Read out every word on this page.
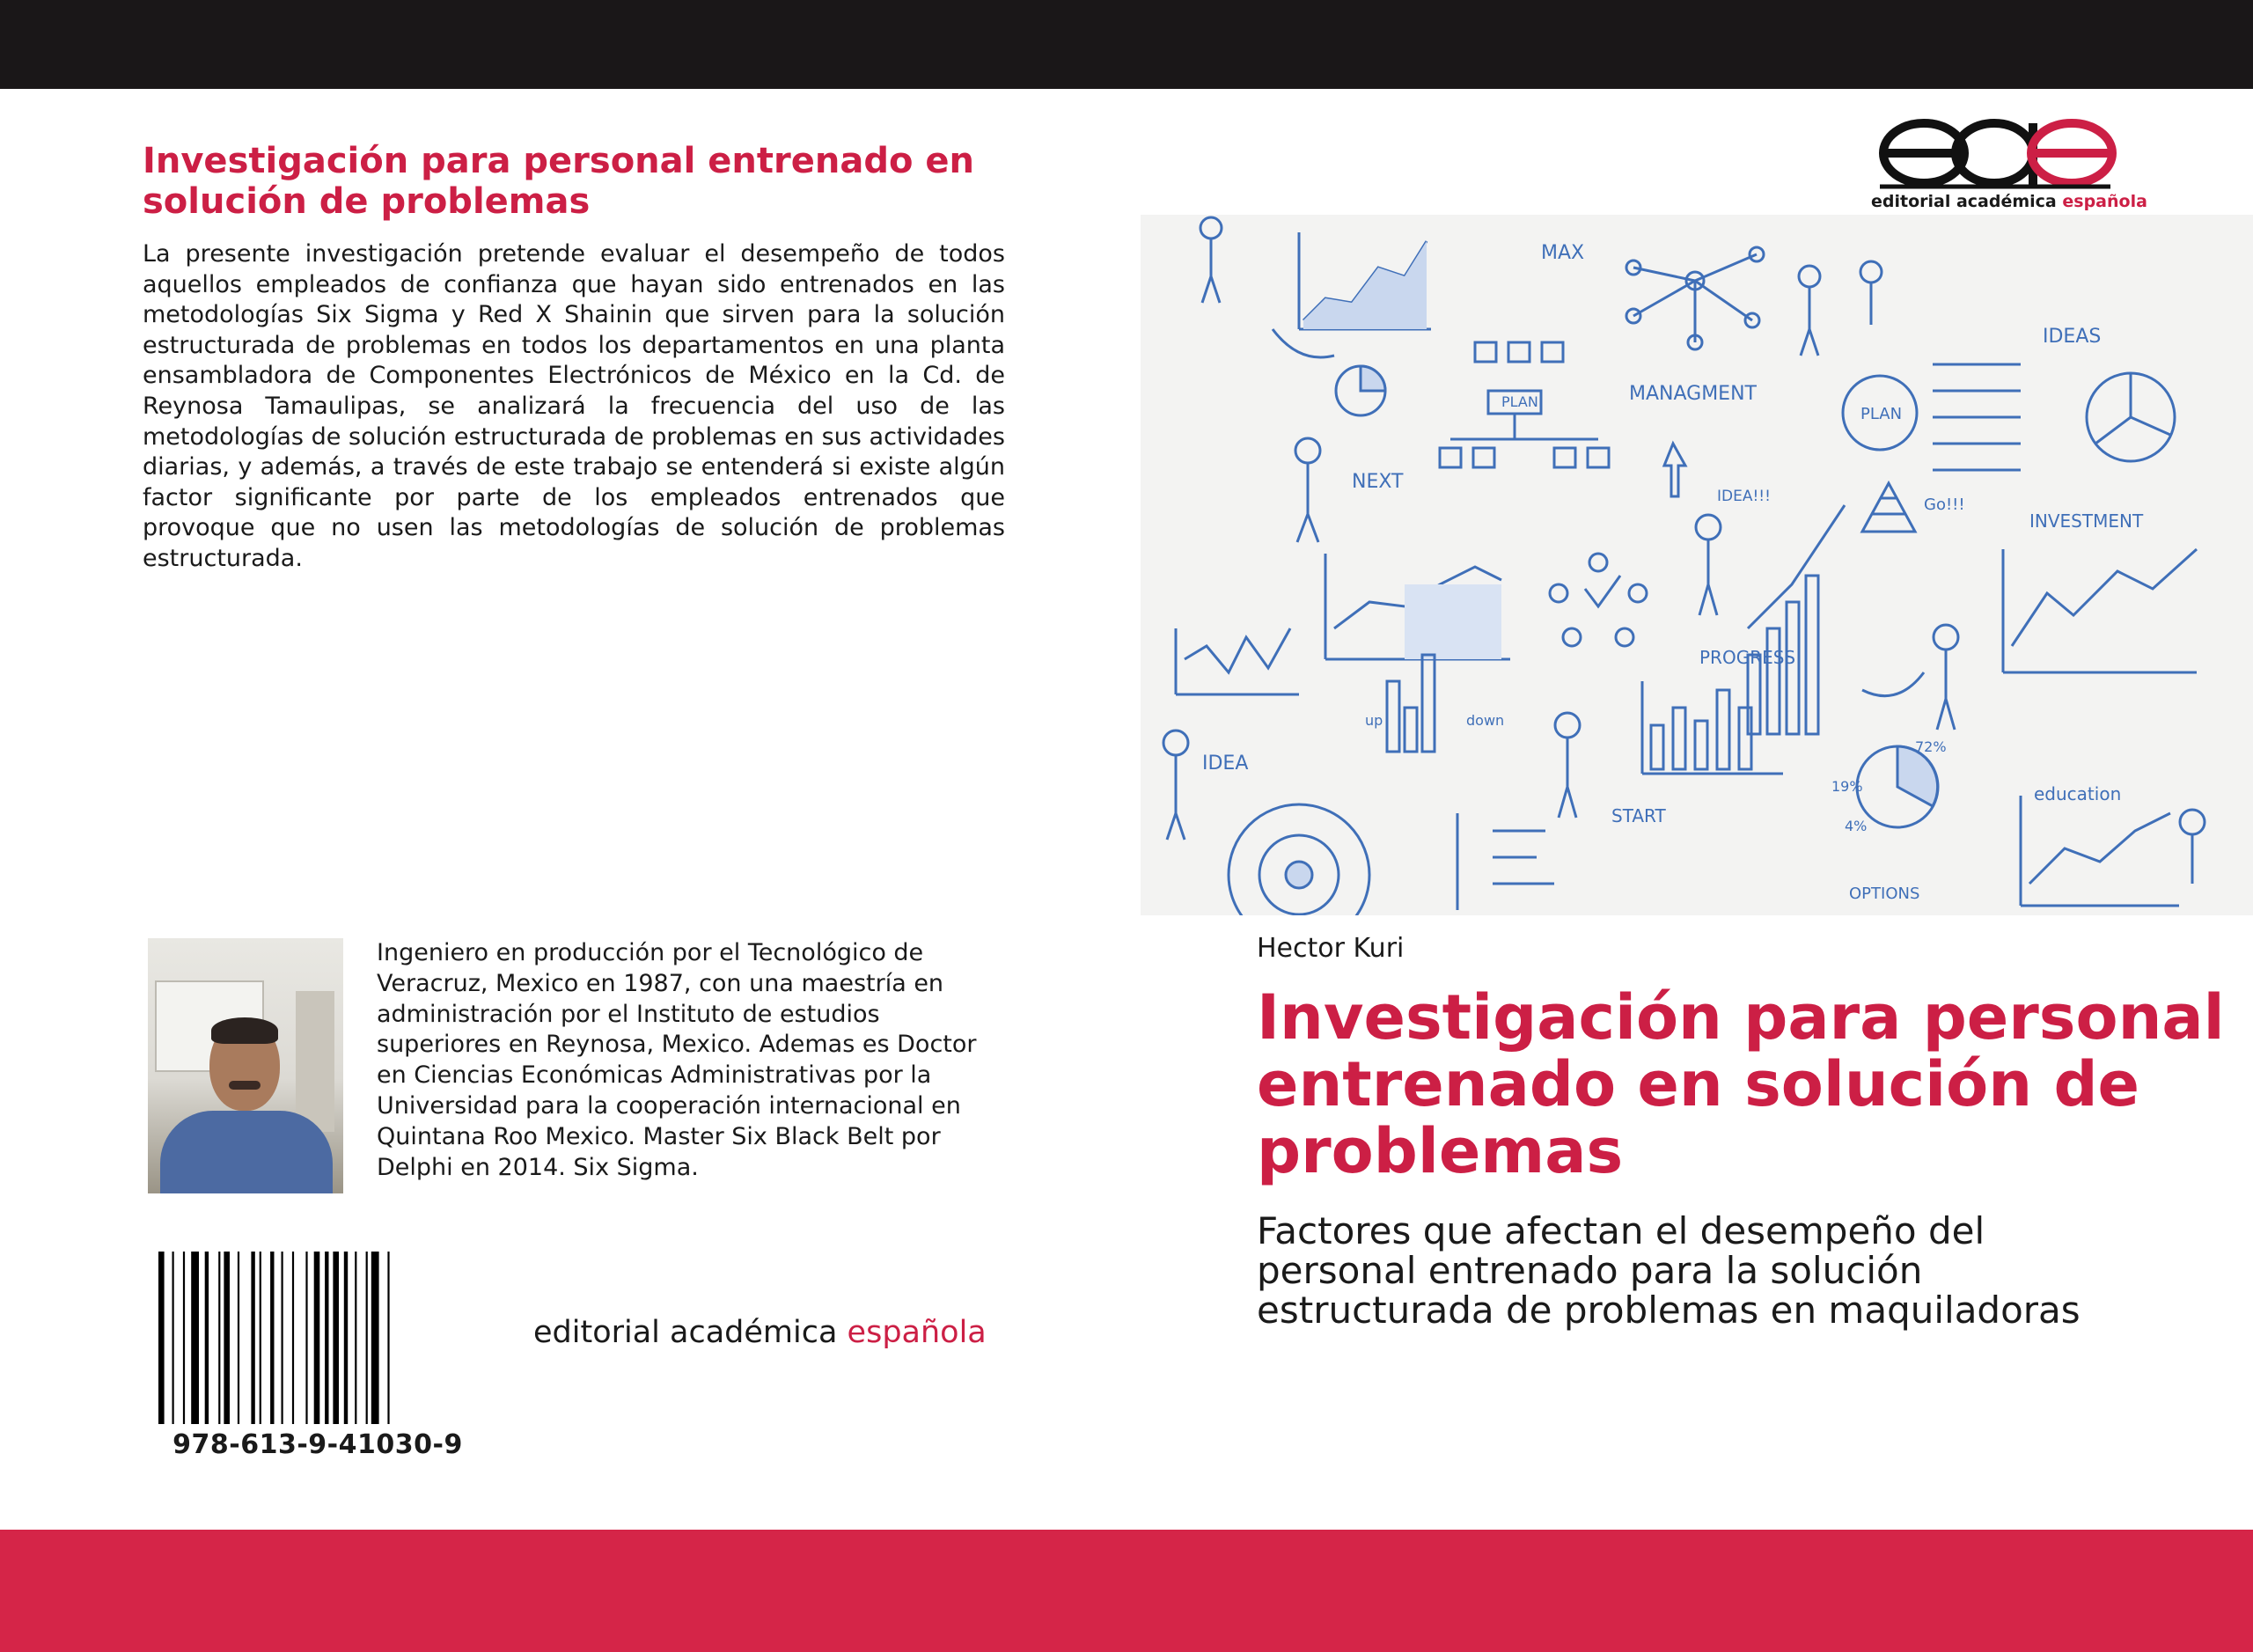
Investigación para personal entrenado en solución de problemas
La presente investigación pretende evaluar el desempeño de todos aquellos empleados de confianza que hayan sido entrenados en las metodologías Six Sigma y Red X Shainin que sirven para la solución estructurada de problemas en todos los departamentos en una planta ensambladora de Componentes Electrónicos de México en la Cd. de Reynosa Tamaulipas, se analizará la frecuencia del uso de las metodologías de solución estructurada de problemas en sus actividades diarias, y además, a través de este trabajo se entenderá si existe algún factor significante por parte de los empleados entrenados que provoque que no usen las metodologías de solución de problemas estructurada.
Ingeniero en producción por el Tecnológico de Veracruz, Mexico en 1987, con una maestría en administración por el Instituto de estudios superiores en Reynosa, Mexico. Ademas es Doctor en Ciencias Económicas Administrativas por la Universidad para la cooperación internacional en Quintana Roo Mexico. Master Six Black Belt por Delphi en 2014. Six Sigma.
978-613-9-41030-9
editorial académica española
editorial académica española
MAX
IDEAS
MANAGMENT
PLAN
PLAN
NEXT
IDEA!!!
INVESTMENT
Go!!!
PROGRESS
up	down
IDEA
START
education
OPTIONS
72%
19%
4%
Hector Kuri
Investigación para personal entrenado en solución de problemas
Factores que afectan el desempeño del personal entrenado para la solución estructurada de problemas en maquiladoras
